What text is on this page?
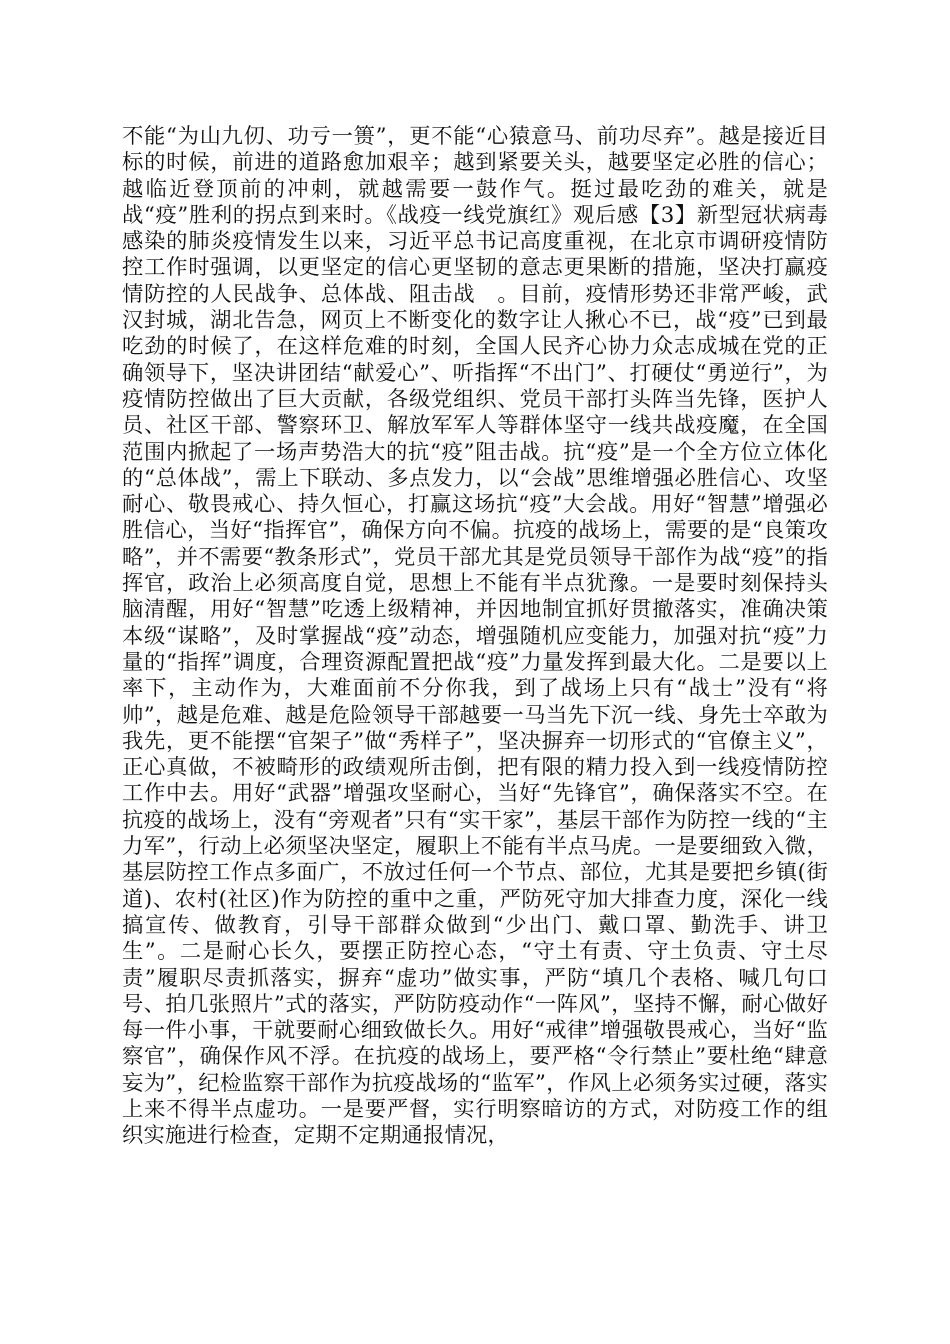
不能“为山九仞、功亏一篑”，更不能“心猿意马、前功尽弃”。越是接近目标的时候，前进的道路愈加艰辛；越到紧要关头，越要坚定必胜的信心；越临近登顶前的冲刺，就越需要一鼓作气。挺过最吃劲的难关，就是战“疫”胜利的拐点到来时。《战疫一线党旗红》观后感【3】新型冠状病毒感染的肺炎疫情发生以来，习近平总书记高度重视，在北京市调研疫情防控工作时强调，以更坚定的信心更坚韧的意志更果断的措施，坚决打赢疫情防控的人民战争、总体战、阻击战　。目前，疫情形势还非常严峻，武汉封城，湖北告急，网页上不断变化的数字让人揪心不已，战“疫”已到最吃劲的时候了，在这样危难的时刻，全国人民齐心协力众志成城在党的正确领导下，坚决讲团结“献爱心”、听指挥“不出门”、打硬仗“勇逆行”，为疫情防控做出了巨大贡献，各级党组织、党员干部打头阵当先锋，医护人员、社区干部、警察环卫、解放军军人等群体坚守一线共战疫魔，在全国范围内掀起了一场声势浩大的抗“疫”阻击战。抗“疫”是一个全方位立体化的“总体战”，需上下联动、多点发力，以“会战”思维增强必胜信心、攻坚耐心、敬畏戒心、持久恒心，打赢这场抗“疫”大会战。用好“智慧”增强必胜信心，当好“指挥官”，确保方向不偏。抗疫的战场上，需要的是“良策攻略”，并不需要“教条形式”，党员干部尤其是党员领导干部作为战“疫”的指挥官，政治上必须高度自觉，思想上不能有半点犹豫。一是要时刻保持头脑清醒，用好“智慧”吃透上级精神，并因地制宜抓好贯撤落实，准确决策本级“谋略”，及时掌握战“疫”动态，增强随机应变能力，加强对抗“疫”力量的“指挥”调度，合理资源配置把战“疫”力量发挥到最大化。二是要以上率下，主动作为，大难面前不分你我，到了战场上只有“战士”没有“将帅”，越是危难、越是危险领导干部越要一马当先下沉一线、身先士卒敢为我先，更不能摆“官架子”做“秀样子”，坚决摒弃一切形式的“官僚主义”，正心真做，不被畸形的政绩观所击倒，把有限的精力投入到一线疫情防控工作中去。用好“武器”增强攻坚耐心，当好“先锋官”，确保落实不空。在抗疫的战场上，没有“旁观者”只有“实干家”，基层干部作为防控一线的“主力军”，行动上必须坚决坚定，履职上不能有半点马虎。一是要细致入微，基层防控工作点多面广，不放过任何一个节点、部位，尤其是要把乡镇(街道)、农村(社区)作为防控的重中之重，严防死守加大排查力度，深化一线搞宣传、做教育，引导干部群众做到“少出门、戴口罩、勤洗手、讲卫生”。二是耐心长久，要摆正防控心态，“守土有责、守土负责、守土尽责”履职尽责抓落实，摒弃“虚功”做实事，严防“填几个表格、喊几句口号、拍几张照片”式的落实，严防防疫动作“一阵风”，坚持不懈，耐心做好每一件小事，干就要耐心细致做长久。用好“戒律”增强敬畏戒心，当好“监察官”，确保作风不浮。在抗疫的战场上，要严格“令行禁止”要杜绝“肆意妄为”，纪检监察干部作为抗疫战场的“监军”，作风上必须务实过硬，落实上来不得半点虚功。一是要严督，实行明察暗访的方式，对防疫工作的组织实施进行检查，定期不定期通报情况，
